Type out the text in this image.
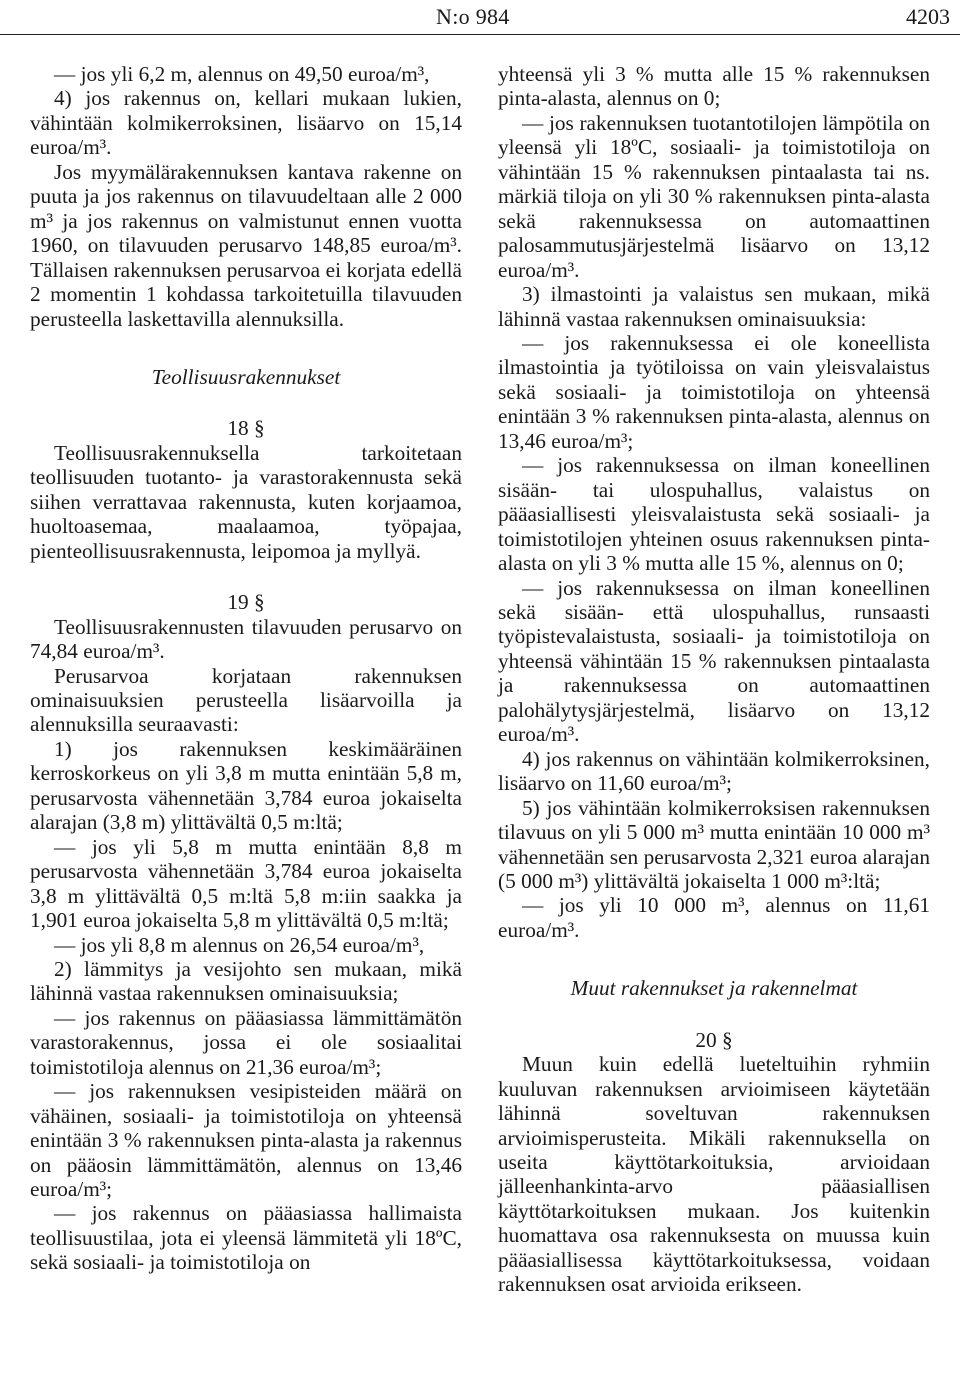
N:o 984	4203

— jos yli 6,2 m, alennus on 49,50 euroa/m³,

4) jos rakennus on, kellari mukaan lukien, vähintään kolmikerroksinen, lisäarvo on 15,14 euroa/m³.

Jos myymälärakennuksen kantava rakenne on puuta ja jos rakennus on tilavuudeltaan alle 2 000 m³ ja jos rakennus on valmistunut ennen vuotta 1960, on tilavuuden perusarvo 148,85 euroa/m³. Tällaisen rakennuksen perusarvoa ei korjata edellä 2 momentin 1 kohdassa tarkoitetuilla tilavuuden perusteella laskettavilla alennuksilla.

Teollisuusrakennukset

18 §

Teollisuusrakennuksella tarkoitetaan teollisuuden tuotanto- ja varastorakennusta sekä siihen verrattavaa rakennusta, kuten korjaamoa, huoltoasemaa, maalaamoa, työpajaa, pienteollisuusrakennusta, leipomoa ja myllyä.

19 §

Teollisuusrakennusten tilavuuden perusarvo on 74,84 euroa/m³.

Perusarvoa korjataan rakennuksen ominaisuuksien perusteella lisäarvoilla ja alennuksilla seuraavasti:

1) jos rakennuksen keskimääräinen kerroskorkeus on yli 3,8 m mutta enintään 5,8 m, perusarvosta vähennetään 3,784 euroa jokaiselta alarajan (3,8 m) ylittävältä 0,5 m:ltä;

— jos yli 5,8 m mutta enintään 8,8 m perusarvosta vähennetään 3,784 euroa jokaiselta 3,8 m ylittävältä 0,5 m:ltä 5,8 m:iin saakka ja 1,901 euroa jokaiselta 5,8 m ylittävältä 0,5 m:ltä;

— jos yli 8,8 m alennus on 26,54 euroa/m³,

2) lämmitys ja vesijohto sen mukaan, mikä lähinnä vastaa rakennuksen ominaisuuksia;

— jos rakennus on pääasiassa lämmittämätön varastorakennus, jossa ei ole sosiaalitai toimistotiloja alennus on 21,36 euroa/m³;

— jos rakennuksen vesipisteiden määrä on vähäinen, sosiaali- ja toimistotiloja on yhteensä enintään 3 % rakennuksen pinta-alasta ja rakennus on pääosin lämmittämätön, alennus on 13,46 euroa/m³;

— jos rakennus on pääasiassa hallimaista teollisuustilaa, jota ei yleensä lämmitetä yli 18ºC, sekä sosiaali- ja toimistotiloja on

yhteensä yli 3 % mutta alle 15 % rakennuksen pinta-alasta, alennus on 0;

— jos rakennuksen tuotantotilojen lämpötila on yleensä yli 18ºC, sosiaali- ja toimistotiloja on vähintään 15 % rakennuksen pintaalasta tai ns. märkiä tiloja on yli 30 % rakennuksen pinta-alasta sekä rakennuksessa on automaattinen palosammutusjärjestelmä lisäarvo on 13,12 euroa/m³.

3) ilmastointi ja valaistus sen mukaan, mikä lähinnä vastaa rakennuksen ominaisuuksia:

— jos rakennuksessa ei ole koneellista ilmastointia ja työtiloissa on vain yleisvalaistus sekä sosiaali- ja toimistotiloja on yhteensä enintään 3 % rakennuksen pinta-alasta, alennus on 13,46 euroa/m³;

— jos rakennuksessa on ilman koneellinen sisään- tai ulospuhallus, valaistus on pääasiallisesti yleisvalaistusta sekä sosiaali- ja toimistotilojen yhteinen osuus rakennuksen pinta-alasta on yli 3 % mutta alle 15 %, alennus on 0;

— jos rakennuksessa on ilman koneellinen sekä sisään- että ulospuhallus, runsaasti työpistevalaistusta, sosiaali- ja toimistotiloja on yhteensä vähintään 15 % rakennuksen pintaalasta ja rakennuksessa on automaattinen palohälytysjärjestelmä, lisäarvo on 13,12 euroa/m³.

4) jos rakennus on vähintään kolmikerroksinen, lisäarvo on 11,60 euroa/m³;

5) jos vähintään kolmikerroksisen rakennuksen tilavuus on yli 5 000 m³ mutta enintään 10 000 m³ vähennetään sen perusarvosta 2,321 euroa alarajan (5 000 m³) ylittävältä jokaiselta 1 000 m³:ltä;

— jos yli 10 000 m³, alennus on 11,61 euroa/m³.

Muut rakennukset ja rakennelmat

20 §

Muun kuin edellä lueteltuihin ryhmiin kuuluvan rakennuksen arvioimiseen käytetään lähinnä soveltuvan rakennuksen arvioimisperusteita. Mikäli rakennuksella on useita käyttötarkoituksia, arvioidaan jälleenhankinta-arvo pääasiallisen käyttötarkoituksen mukaan. Jos kuitenkin huomattava osa rakennuksesta on muussa kuin pääasiallisessa käyttötarkoituksessa, voidaan rakennuksen osat arvioida erikseen.
